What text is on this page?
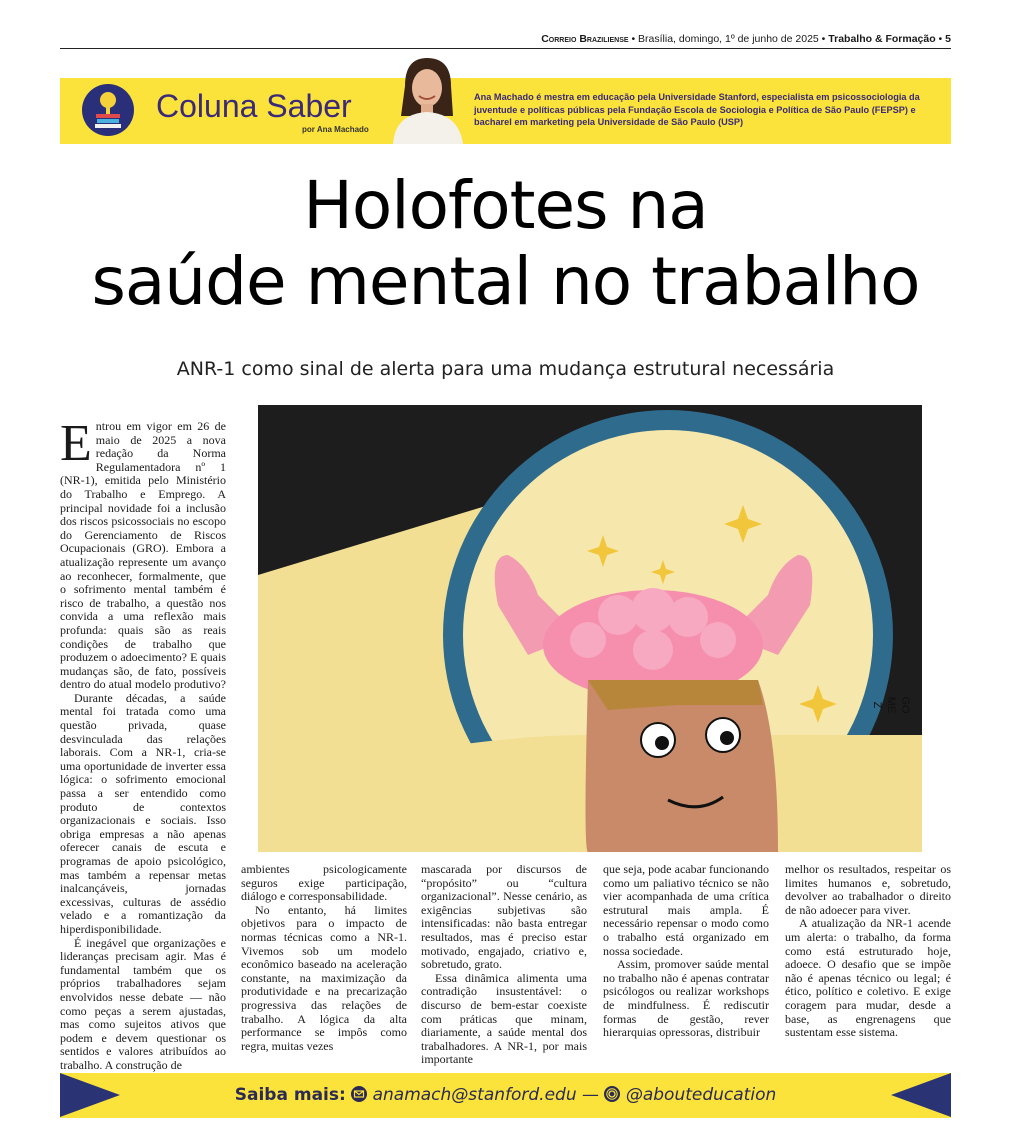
Correio Braziliense • Brasília, domingo, 1º de junho de 2025 • Trabalho & Formação • 5
Coluna Saber
por Ana Machado
Ana Machado é mestra em educação pela Universidade Stanford, especialista em psicossociologia da juventude e políticas públicas pela Fundação Escola de Sociologia e Política de São Paulo (FEPSP) e bacharel em marketing pela Universidade de São Paulo (USP)
Holofotes na
saúde mental no trabalho
ANR-1 como sinal de alerta para uma mudança estrutural necessária
GOMEZ

Entrou em vigor em 26 de maio de 2025 a nova redação da Norma Regulamentadora nº 1 (NR-1), emitida pelo Ministério do Trabalho e Emprego. A principal novidade foi a inclusão dos riscos psicossociais no escopo do Gerenciamento de Riscos Ocupacionais (GRO). Embora a atualização represente um avanço ao reconhecer, formalmente, que o sofrimento mental também é risco de trabalho, a questão nos convida a uma reflexão mais profunda: quais são as reais condições de trabalho que produzem o adoecimento? E quais mudanças são, de fato, possíveis dentro do atual modelo produtivo?

Durante décadas, a saúde mental foi tratada como uma questão privada, quase desvinculada das relações laborais. Com a NR-1, cria-se uma oportunidade de inverter essa lógica: o sofrimento emocional passa a ser entendido como produto de contextos organizacionais e sociais. Isso obriga empresas a não apenas oferecer canais de escuta e programas de apoio psicológico, mas também a repensar metas inalcançáveis, jornadas excessivas, culturas de assédio velado e a romantização da hiperdisponibilidade.

É inegável que organizações e lideranças precisam agir. Mas é fundamental também que os próprios trabalhadores sejam envolvidos nesse debate — não como peças a serem ajustadas, mas como sujeitos ativos que podem e devem questionar os sentidos e valores atribuídos ao trabalho. A construção de

ambientes psicologicamente seguros exige participação, diálogo e corresponsabilidade.

No entanto, há limites objetivos para o impacto de normas técnicas como a NR-1. Vivemos sob um modelo econômico baseado na aceleração constante, na maximização da produtividade e na precarização progressiva das relações de trabalho. A lógica da alta performance se impôs como regra, muitas vezes

mascarada por discursos de “propósito” ou “cultura organizacional”. Nesse cenário, as exigências subjetivas são intensificadas: não basta entregar resultados, mas é preciso estar motivado, engajado, criativo e, sobretudo, grato.

Essa dinâmica alimenta uma contradição insustentável: o discurso de bem-estar coexiste com práticas que minam, diariamente, a saúde mental dos trabalhadores. A NR-1, por mais importante

que seja, pode acabar funcionando como um paliativo técnico se não vier acompanhada de uma crítica estrutural mais ampla. É necessário repensar o modo como o trabalho está organizado em nossa sociedade.

Assim, promover saúde mental no trabalho não é apenas contratar psicólogos ou realizar workshops de mindfulness. É rediscutir formas de gestão, rever hierarquias opressoras, distribuir

melhor os resultados, respeitar os limites humanos e, sobretudo, devolver ao trabalhador o direito de não adoecer para viver.

A atualização da NR-1 acende um alerta: o trabalho, da forma como está estruturado hoje, adoece. O desafio que se impõe não é apenas técnico ou legal; é ético, político e coletivo. E exige coragem para mudar, desde a base, as engrenagens que sustentam esse sistema.

Saiba mais: anamach@stanford.edu —  @abouteducation
